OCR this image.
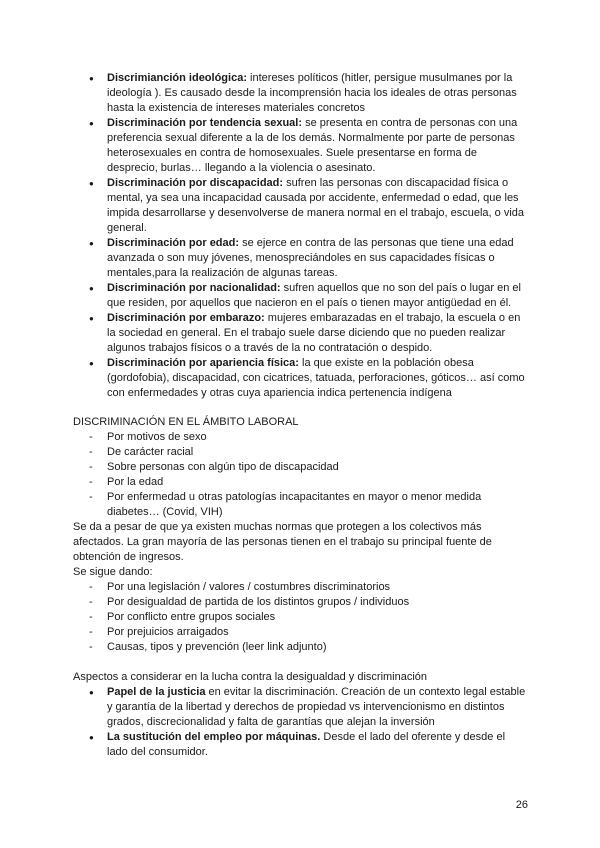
● Discrimianción ideológica: intereses políticos (hitler, persigue musulmanes por la ideología ). Es causado desde la incomprensión hacia los ideales de otras personas hasta la existencia de intereses materiales concretos
● Discriminación por tendencia sexual: se presenta en contra de personas con una preferencia sexual diferente a la de los demás. Normalmente por parte de personas heterosexuales en contra de homosexuales. Suele presentarse en forma de desprecio, burlas… llegando a la violencia o asesinato.
● Discriminación por discapacidad: sufren las personas con discapacidad física o mental, ya sea una incapacidad causada por accidente, enfermedad o edad, que les impida desarrollarse y desenvolverse de manera normal en el trabajo, escuela, o vida general.
● Discriminación por edad: se ejerce en contra de las personas que tiene una edad avanzada o son muy jóvenes, menospreciándoles en sus capacidades físicas o mentales,para la realización de algunas tareas.
● Discriminación por nacionalidad: sufren aquellos que no son del país o lugar en el que residen, por aquellos que nacieron en el país o tienen mayor antigüedad en él.
● Discriminación por embarazo: mujeres embarazadas en el trabajo, la escuela o en la sociedad en general. En el trabajo suele darse diciendo que no pueden realizar algunos trabajos físicos o a través de la no contratación o despido.
● Discriminación por apariencia física: la que existe en la población obesa (gordofobia), discapacidad, con cicatrices, tatuada, perforaciones, góticos… así como con enfermedades y otras cuya apariencia indica pertenencia indígena
DISCRIMINACIÓN EN EL ÁMBITO LABORAL
- Por motivos de sexo
- De carácter racial
- Sobre personas con algún tipo de discapacidad
- Por la edad
- Por enfermedad u otras patologías incapacitantes en mayor o menor medida diabetes… (Covid, VIH)

Se da a pesar de que ya existen muchas normas que protegen a los colectivos más afectados. La gran mayoría de las personas tienen en el trabajo su principal fuente de obtención de ingresos.

Se sigue dando:

- Por una legislación / valores / costumbres discriminatorios
- Por desigualdad de partida de los distintos grupos / individuos
- Por conflicto entre grupos sociales
- Por prejuicios arraigados
- Causas, tipos y prevención (leer link adjunto)

Aspectos a considerar en la lucha contra la desigualdad y discriminación

● Papel de la justicia en evitar la discriminación. Creación de un contexto legal estable y garantía de la libertad y derechos de propiedad vs intervencionismo en distintos grados, discrecionalidad y falta de garantías que alejan la inversión
● La sustitución del empleo por máquinas. Desde el lado del oferente y desde el lado del consumidor.
26
